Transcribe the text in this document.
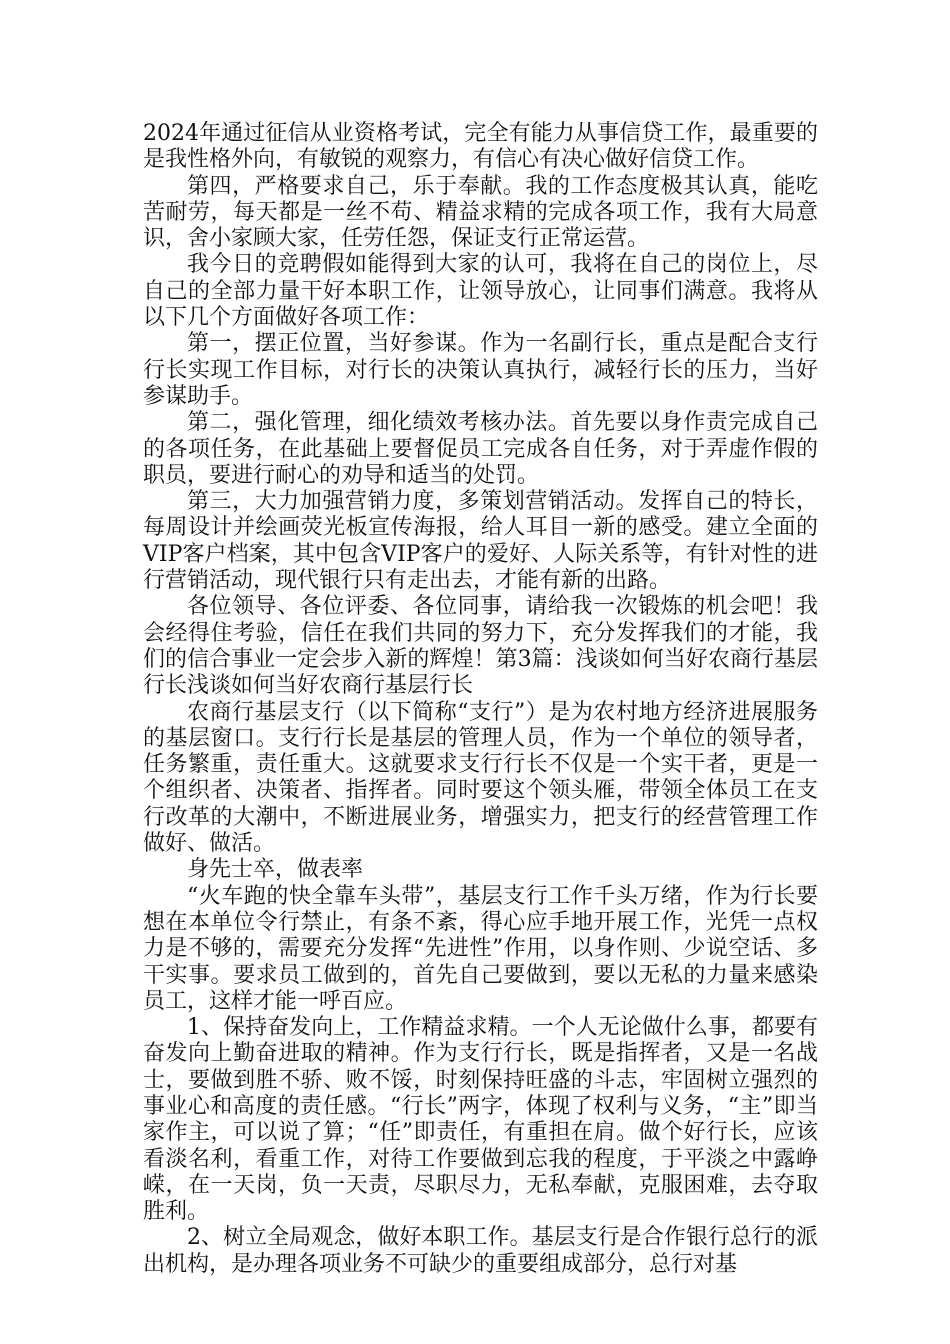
2024年通过征信从业资格考试，完全有能力从事信贷工作，最重要的是我性格外向，有敏锐的观察力，有信心有决心做好信贷工作。

第四，严格要求自己，乐于奉献。我的工作态度极其认真，能吃苦耐劳，每天都是一丝不苟、精益求精的完成各项工作，我有大局意识，舍小家顾大家，任劳任怨，保证支行正常运营。

我今日的竞聘假如能得到大家的认可，我将在自己的岗位上，尽自己的全部力量干好本职工作，让领导放心，让同事们满意。我将从以下几个方面做好各项工作：

第一，摆正位置，当好参谋。作为一名副行长，重点是配合支行行长实现工作目标，对行长的决策认真执行，减轻行长的压力，当好参谋助手。

第二，强化管理，细化绩效考核办法。首先要以身作责完成自己的各项任务，在此基础上要督促员工完成各自任务，对于弄虚作假的职员，要进行耐心的劝导和适当的处罚。

第三，大力加强营销力度，多策划营销活动。发挥自己的特长，每周设计并绘画荧光板宣传海报，给人耳目一新的感受。建立全面的VIP客户档案，其中包含VIP客户的爱好、人际关系等，有针对性的进行营销活动，现代银行只有走出去，才能有新的出路。

各位领导、各位评委、各位同事，请给我一次锻炼的机会吧！我会经得住考验，信任在我们共同的努力下，充分发挥我们的才能，我们的信合事业一定会步入新的辉煌！第3篇：浅谈如何当好农商行基层行长浅谈如何当好农商行基层行长

农商行基层支行（以下简称“支行”）是为农村地方经济进展服务的基层窗口。支行行长是基层的管理人员，作为一个单位的领导者，任务繁重，责任重大。这就要求支行行长不仅是一个实干者，更是一个组织者、决策者、指挥者。同时要这个领头雁，带领全体员工在支行改革的大潮中，不断进展业务，增强实力，把支行的经营管理工作做好、做活。

身先士卒，做表率

“火车跑的快全靠车头带”，基层支行工作千头万绪，作为行长要想在本单位令行禁止，有条不紊，得心应手地开展工作，光凭一点权力是不够的，需要充分发挥“先进性”作用，以身作则、少说空话、多干实事。要求员工做到的，首先自己要做到，要以无私的力量来感染员工，这样才能一呼百应。

1、保持奋发向上，工作精益求精。一个人无论做什么事，都要有奋发向上勤奋进取的精神。作为支行行长，既是指挥者，又是一名战士，要做到胜不骄、败不馁，时刻保持旺盛的斗志，牢固树立强烈的事业心和高度的责任感。“行长”两字，体现了权利与义务，“主”即当家作主，可以说了算；“任”即责任，有重担在肩。做个好行长，应该看淡名利，看重工作，对待工作要做到忘我的程度，于平淡之中露峥嵘，在一天岗，负一天责，尽职尽力，无私奉献，克服困难，去夺取胜利。

2、树立全局观念，做好本职工作。基层支行是合作银行总行的派出机构，是办理各项业务不可缺少的重要组成部分，总行对基
